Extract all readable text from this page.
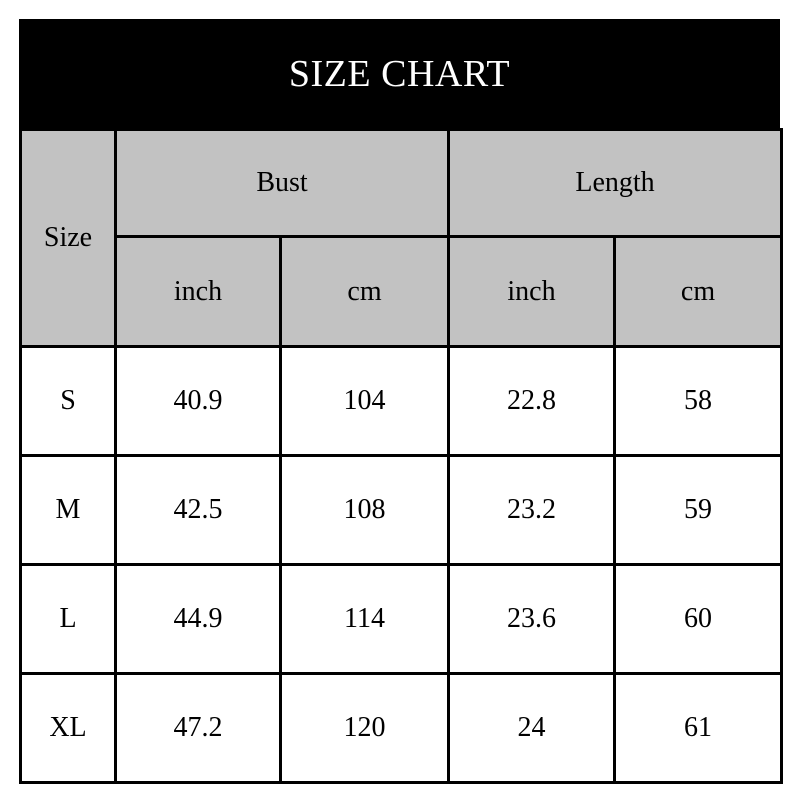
SIZE CHART
Size	Bust		Length	
	inch	cm	inch	cm
S	40.9	104	22.8	58
M	42.5	108	23.2	59
L	44.9	114	23.6	60
XL	47.2	120	24	61
